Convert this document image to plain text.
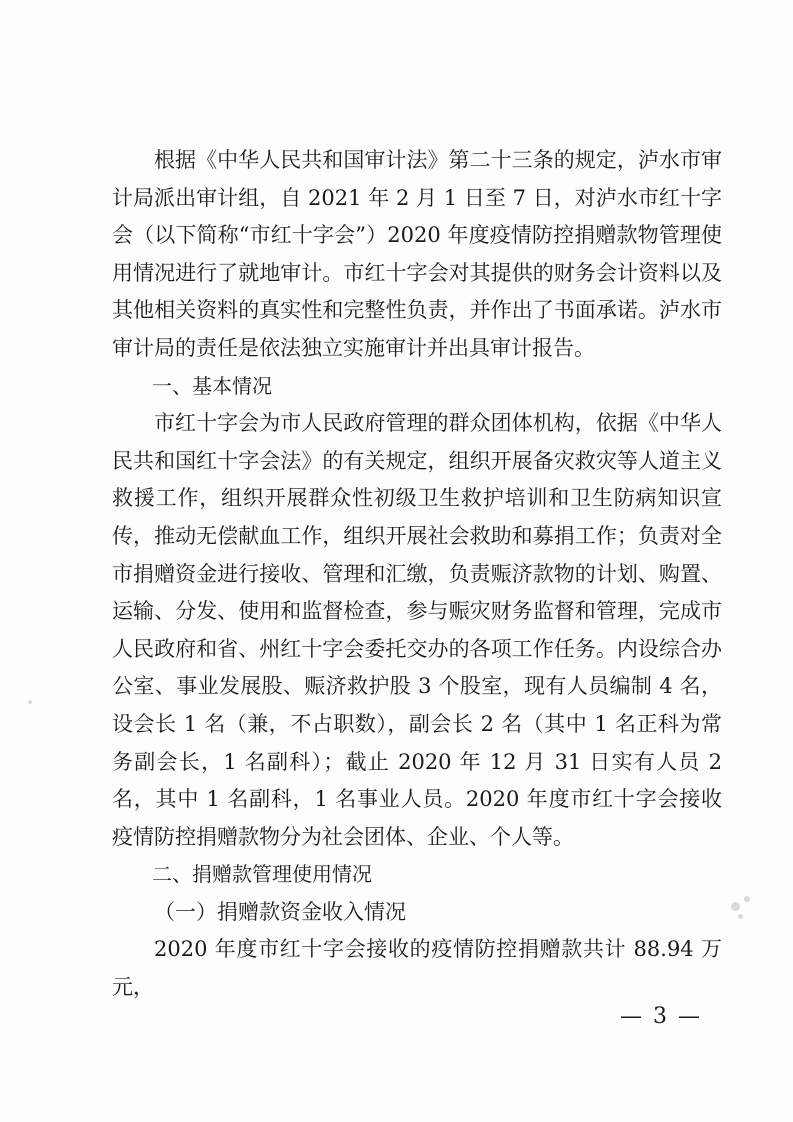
根据《中华人民共和国审计法》第二十三条的规定，泸水市审计局派出审计组，自 2021 年 2 月 1 日至 7 日，对泸水市红十字会（以下简称“市红十字会”）2020 年度疫情防控捐赠款物管理使用情况进行了就地审计。市红十字会对其提供的财务会计资料以及其他相关资料的真实性和完整性负责，并作出了书面承诺。泸水市审计局的责任是依法独立实施审计并出具审计报告。

一、基本情况

市红十字会为市人民政府管理的群众团体机构，依据《中华人民共和国红十字会法》的有关规定，组织开展备灾救灾等人道主义救援工作，组织开展群众性初级卫生救护培训和卫生防病知识宣传，推动无偿献血工作，组织开展社会救助和募捐工作；负责对全市捐赠资金进行接收、管理和汇缴，负责赈济款物的计划、购置、运输、分发、使用和监督检查，参与赈灾财务监督和管理，完成市人民政府和省、州红十字会委托交办的各项工作任务。内设综合办公室、事业发展股、赈济救护股 3 个股室，现有人员编制 4 名，设会长 1 名（兼，不占职数），副会长 2 名（其中 1 名正科为常务副会长，1 名副科）；截止 2020 年 12 月 31 日实有人员 2 名，其中 1 名副科，1 名事业人员。2020 年度市红十字会接收疫情防控捐赠款物分为社会团体、企业、个人等。

二、捐赠款管理使用情况

（一）捐赠款资金收入情况

2020 年度市红十字会接收的疫情防控捐赠款共计 88.94 万元，

— 3 —
